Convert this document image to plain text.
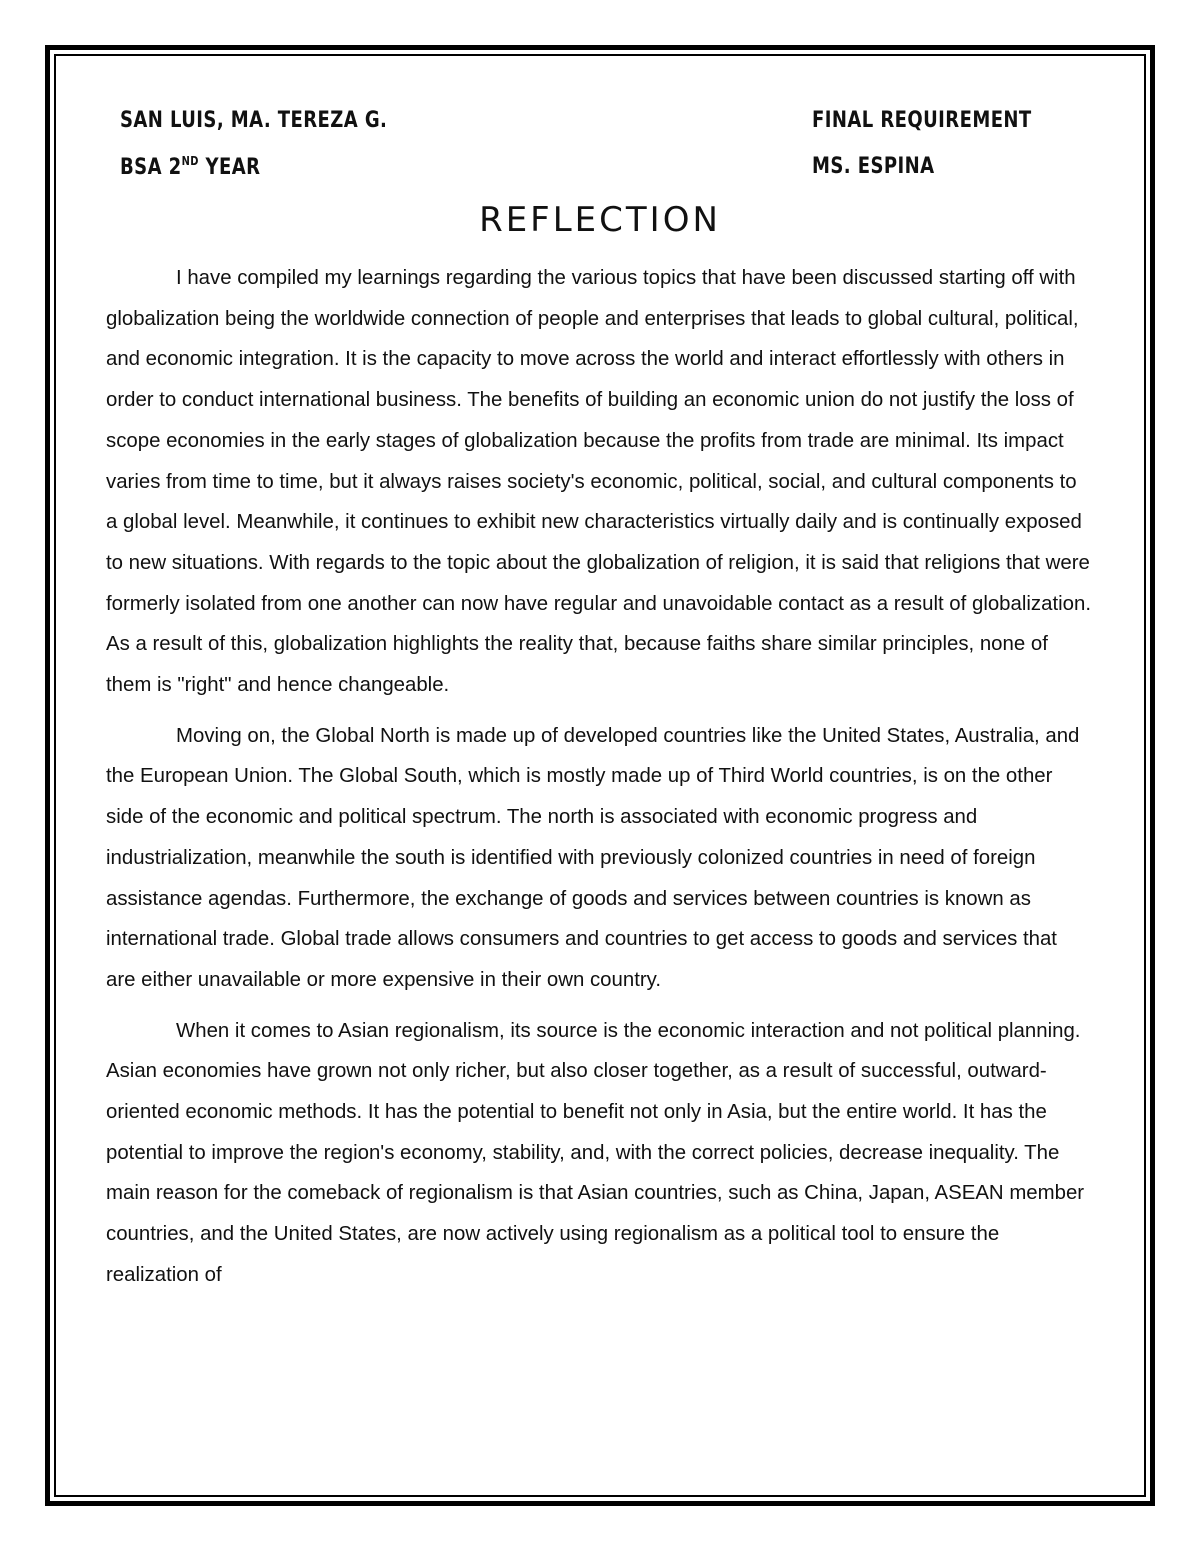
SAN LUIS, MA. TEREZA G.	FINAL REQUIREMENT
BSA 2ND YEAR	MS. ESPINA
REFLECTION

I have compiled my learnings regarding the various topics that have been discussed starting off with globalization being the worldwide connection of people and enterprises that leads to global cultural, political, and economic integration. It is the capacity to move across the world and interact effortlessly with others in order to conduct international business. The benefits of building an economic union do not justify the loss of scope economies in the early stages of globalization because the profits from trade are minimal. Its impact varies from time to time, but it always raises society's economic, political, social, and cultural components to a global level. Meanwhile, it continues to exhibit new characteristics virtually daily and is continually exposed to new situations. With regards to the topic about the globalization of religion, it is said that religions that were formerly isolated from one another can now have regular and unavoidable contact as a result of globalization. As a result of this, globalization highlights the reality that, because faiths share similar principles, none of them is "right" and hence changeable.

Moving on, the Global North is made up of developed countries like the United States, Australia, and the European Union. The Global South, which is mostly made up of Third World countries, is on the other side of the economic and political spectrum. The north is associated with economic progress and industrialization, meanwhile the south is identified with previously colonized countries in need of foreign assistance agendas. Furthermore, the exchange of goods and services between countries is known as international trade. Global trade allows consumers and countries to get access to goods and services that are either unavailable or more expensive in their own country.

When it comes to Asian regionalism, its source is the economic interaction and not political planning. Asian economies have grown not only richer, but also closer together, as a result of successful, outward-oriented economic methods. It has the potential to benefit not only in Asia, but the entire world. It has the potential to improve the region's economy, stability, and, with the correct policies, decrease inequality. The main reason for the comeback of regionalism is that Asian countries, such as China, Japan, ASEAN member countries, and the United States, are now actively using regionalism as a political tool to ensure the realization of
